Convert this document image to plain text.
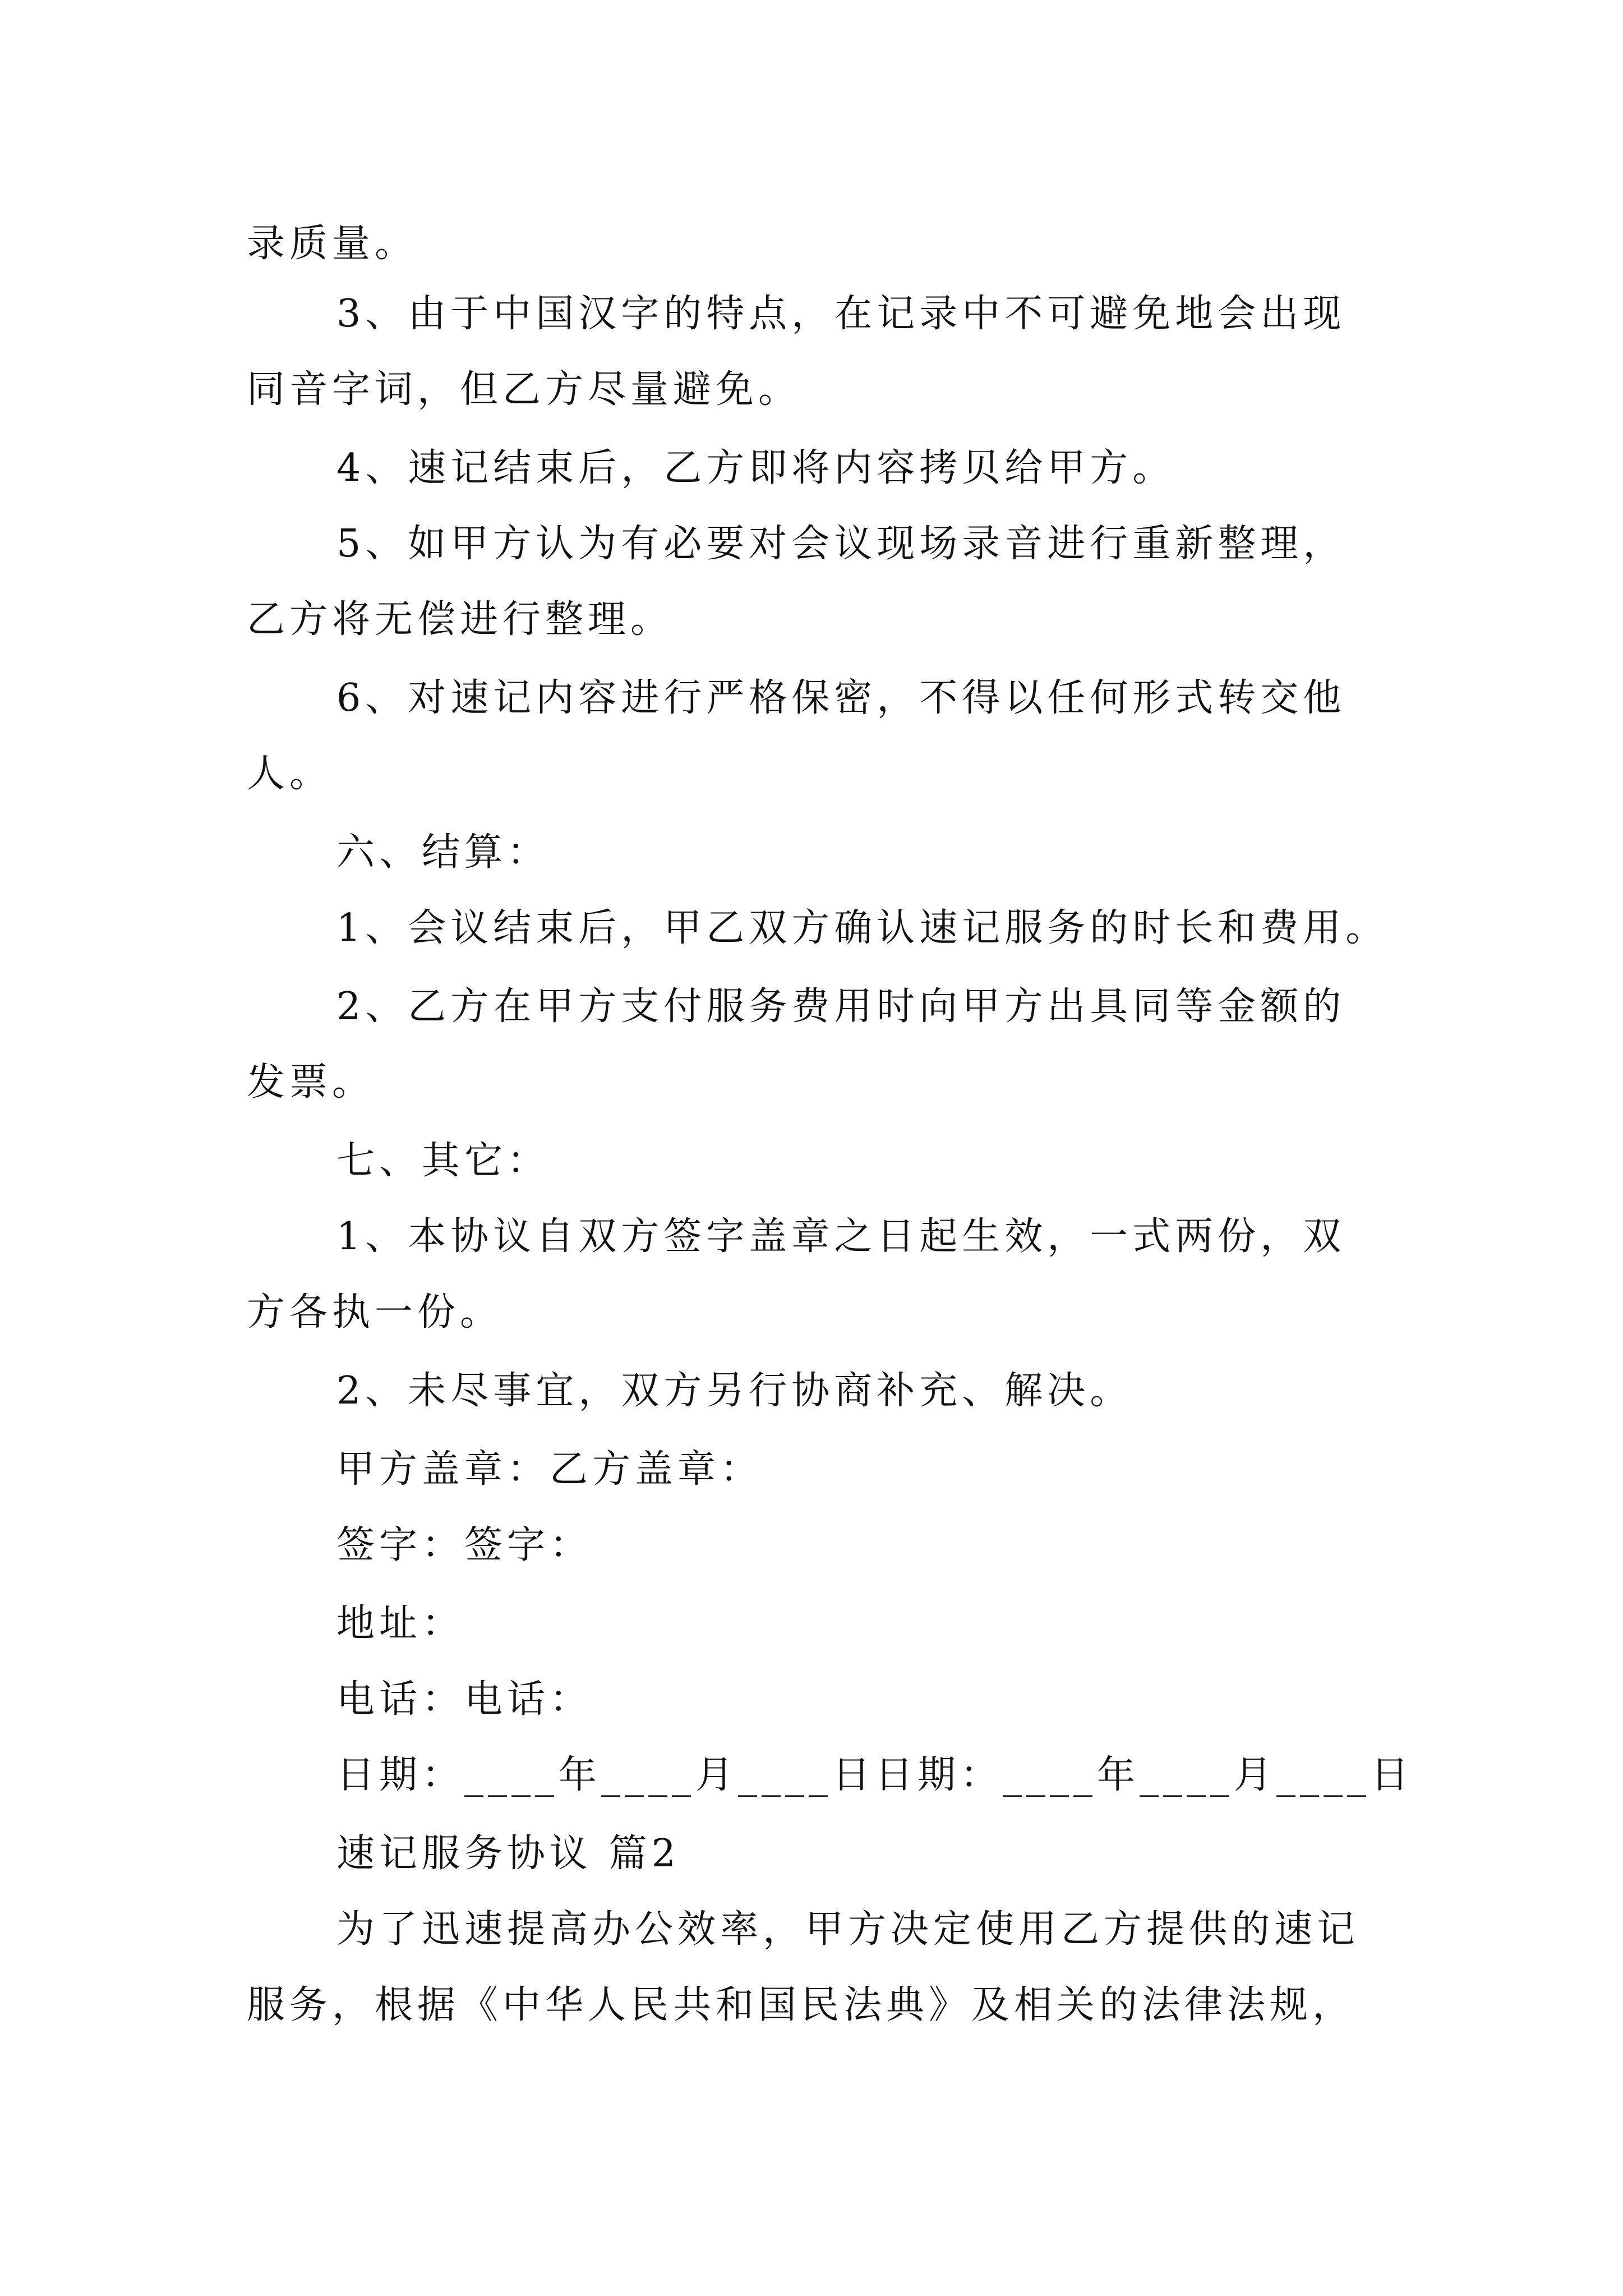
录质量。
3、由于中国汉字的特点，在记录中不可避免地会出现
同音字词，但乙方尽量避免。
4、速记结束后，乙方即将内容拷贝给甲方。
5、如甲方认为有必要对会议现场录音进行重新整理，
乙方将无偿进行整理。
6、对速记内容进行严格保密，不得以任何形式转交他
人。
六、结算：
1、会议结束后，甲乙双方确认速记服务的时长和费用。
2、乙方在甲方支付服务费用时向甲方出具同等金额的
发票。
七、其它：
1、本协议自双方签字盖章之日起生效，一式两份，双
方各执一份。
2、未尽事宜，双方另行协商补充、解决。
甲方盖章：乙方盖章：
签字：签字：
地址：
电话：电话：
日期：____年____月____日日期：____年____月____日
速记服务协议 篇2
为了迅速提高办公效率，甲方决定使用乙方提供的速记
服务，根据《中华人民共和国民法典》及相关的法律法规，
